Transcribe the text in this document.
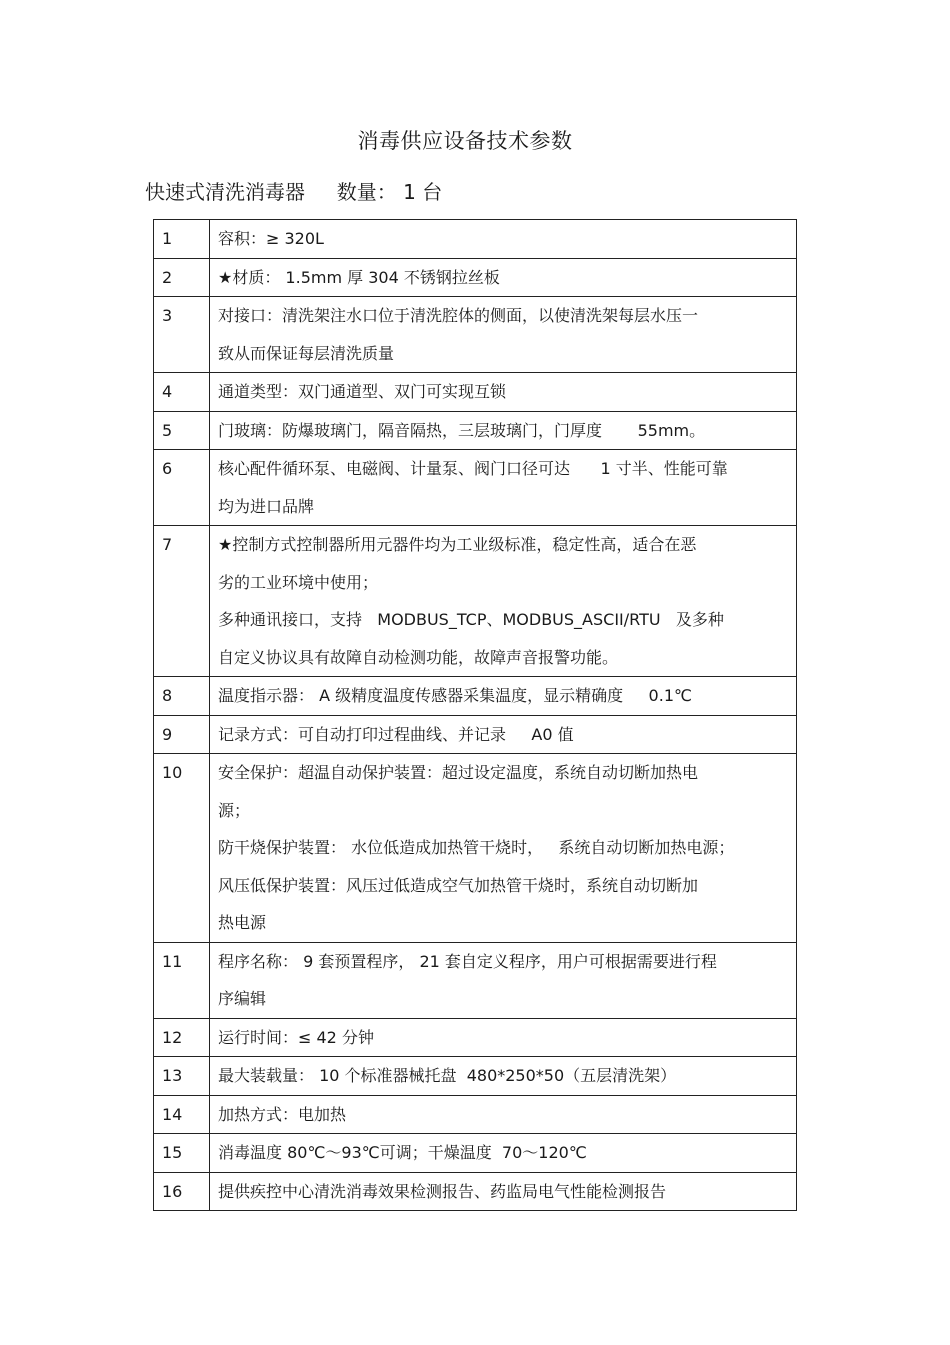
消毒供应设备技术参数
快速式清洗消毒器     数量： 1 台
1	容积：≥ 320L

2	★材质： 1.5mm 厚 304 不锈钢拉丝板

3	对接口：清洗架注水口位于清洗腔体的侧面，以使清洗架每层水压一
致从而保证每层清洗质量

4	通道类型：双门通道型、双门可实现互锁

5	门玻璃：防爆玻璃门，隔音隔热，三层玻璃门，门厚度       55mm。

6	核心配件循环泵、电磁阀、计量泵、阀门口径可达      1 寸半、性能可靠
均为进口品牌

7	★控制方式控制器所用元器件均为工业级标准，稳定性高，适合在恶
劣的工业环境中使用；
多种通讯接口，支持   MODBUS_TCP、MODBUS_ASCII/RTU   及多种
自定义协议具有故障自动检测功能，故障声音报警功能。

8	温度指示器： A 级精度温度传感器采集温度，显示精确度     0.1℃

9	记录方式：可自动打印过程曲线、并记录     A0 值

10	安全保护：超温自动保护装置：超过设定温度，系统自动切断加热电
源；
防干烧保护装置： 水位低造成加热管干烧时，   系统自动切断加热电源；
风压低保护装置：风压过低造成空气加热管干烧时，系统自动切断加
热电源

11	程序名称： 9 套预置程序， 21 套自定义程序，用户可根据需要进行程
序编辑

12	运行时间：≤ 42 分钟

13	最大装载量： 10 个标准器械托盘  480*250*50（五层清洗架）

14	加热方式：电加热

15	消毒温度 80℃～93℃可调；干燥温度  70～120℃

16	提供疾控中心清洗消毒效果检测报告、药监局电气性能检测报告
